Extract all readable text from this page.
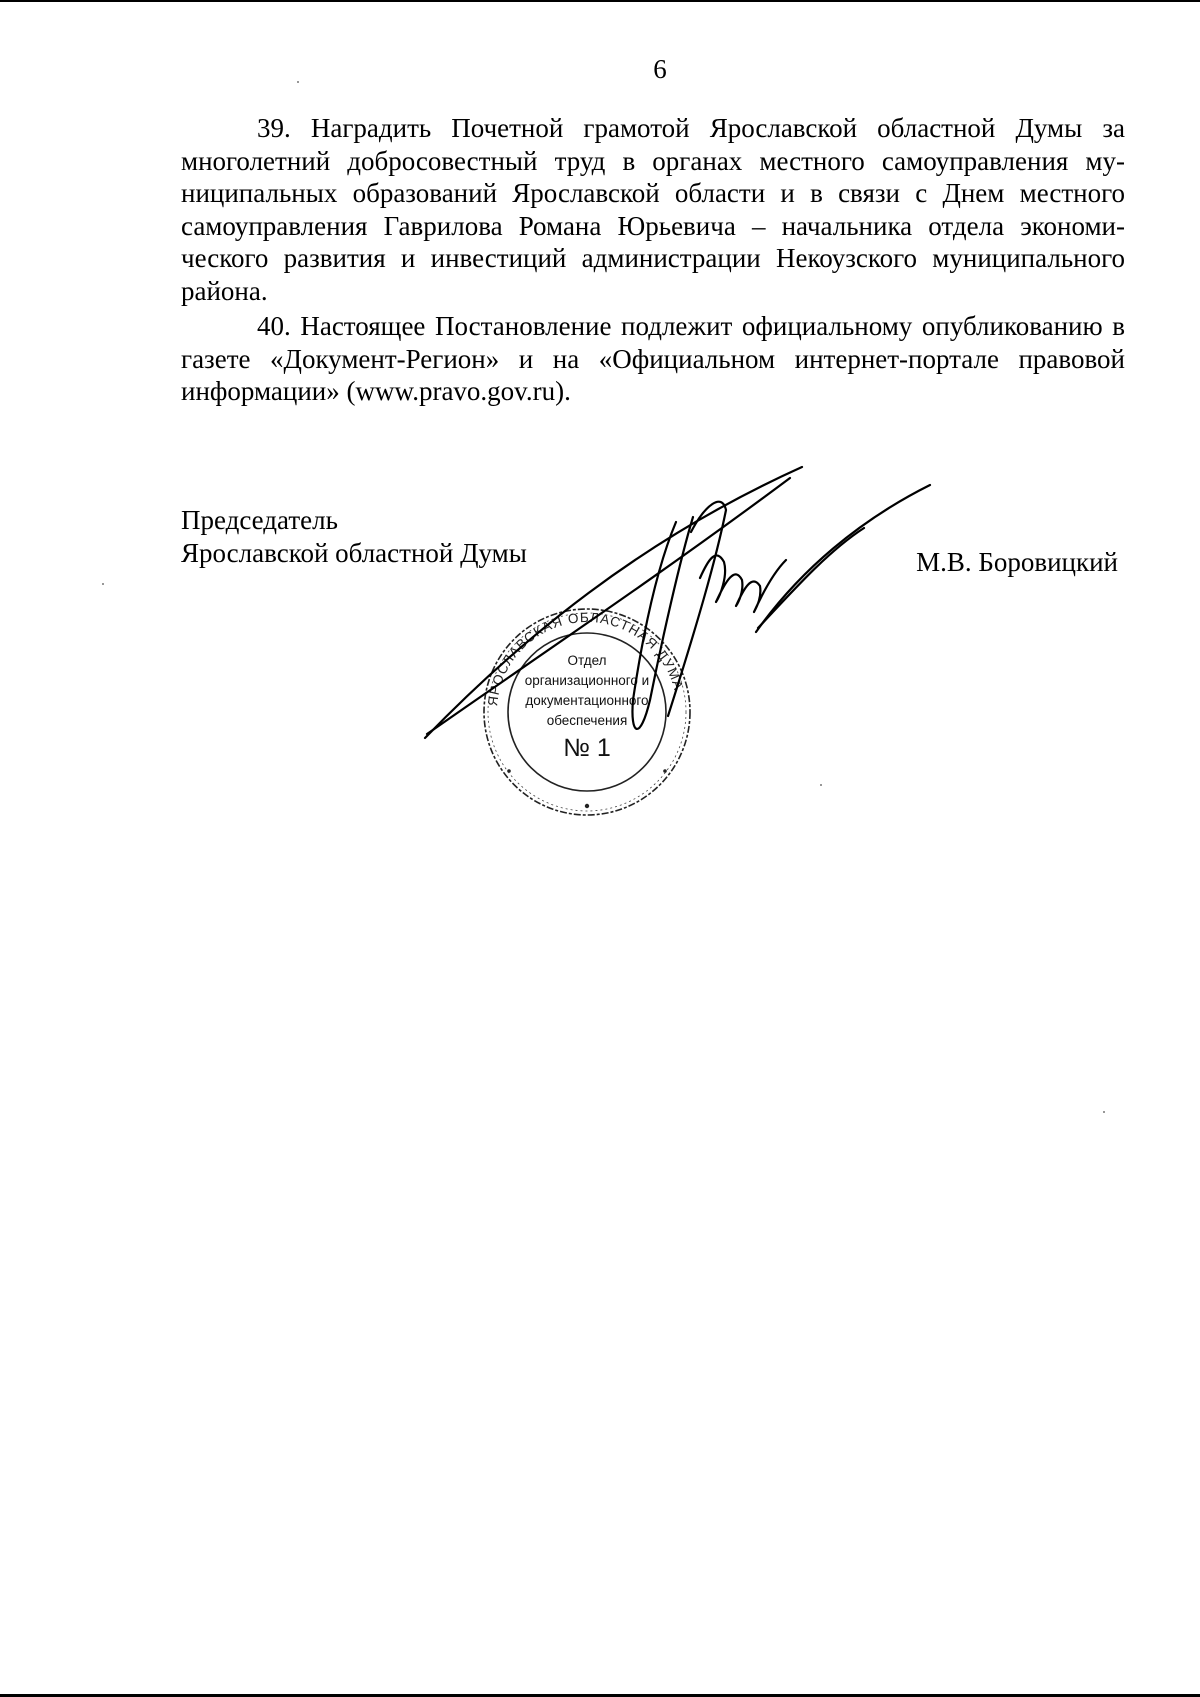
6

39. Наградить Почетной грамотой Ярославской областной Думы за многолетний добросовестный труд в органах местного самоуправления муниципальных образований Ярославской области и в связи с Днем местного самоуправления Гаврилова Романа Юрьевича – начальника отдела экономического развития и инвестиций администрации Некоузского муниципального района.

40. Настоящее Постановление подлежит официальному опубликованию в газете «Документ-Регион» и на «Официальном интернет-портале правовой информации» (www.pravo.gov.ru).

Председатель
Ярославской областной Думы	М.В. Боровицкий
ЯРОСЛАВСКАЯ ОБЛАСТНАЯ ДУМА
Отдел
организационного и
документационного
обеспечения
№ 1
